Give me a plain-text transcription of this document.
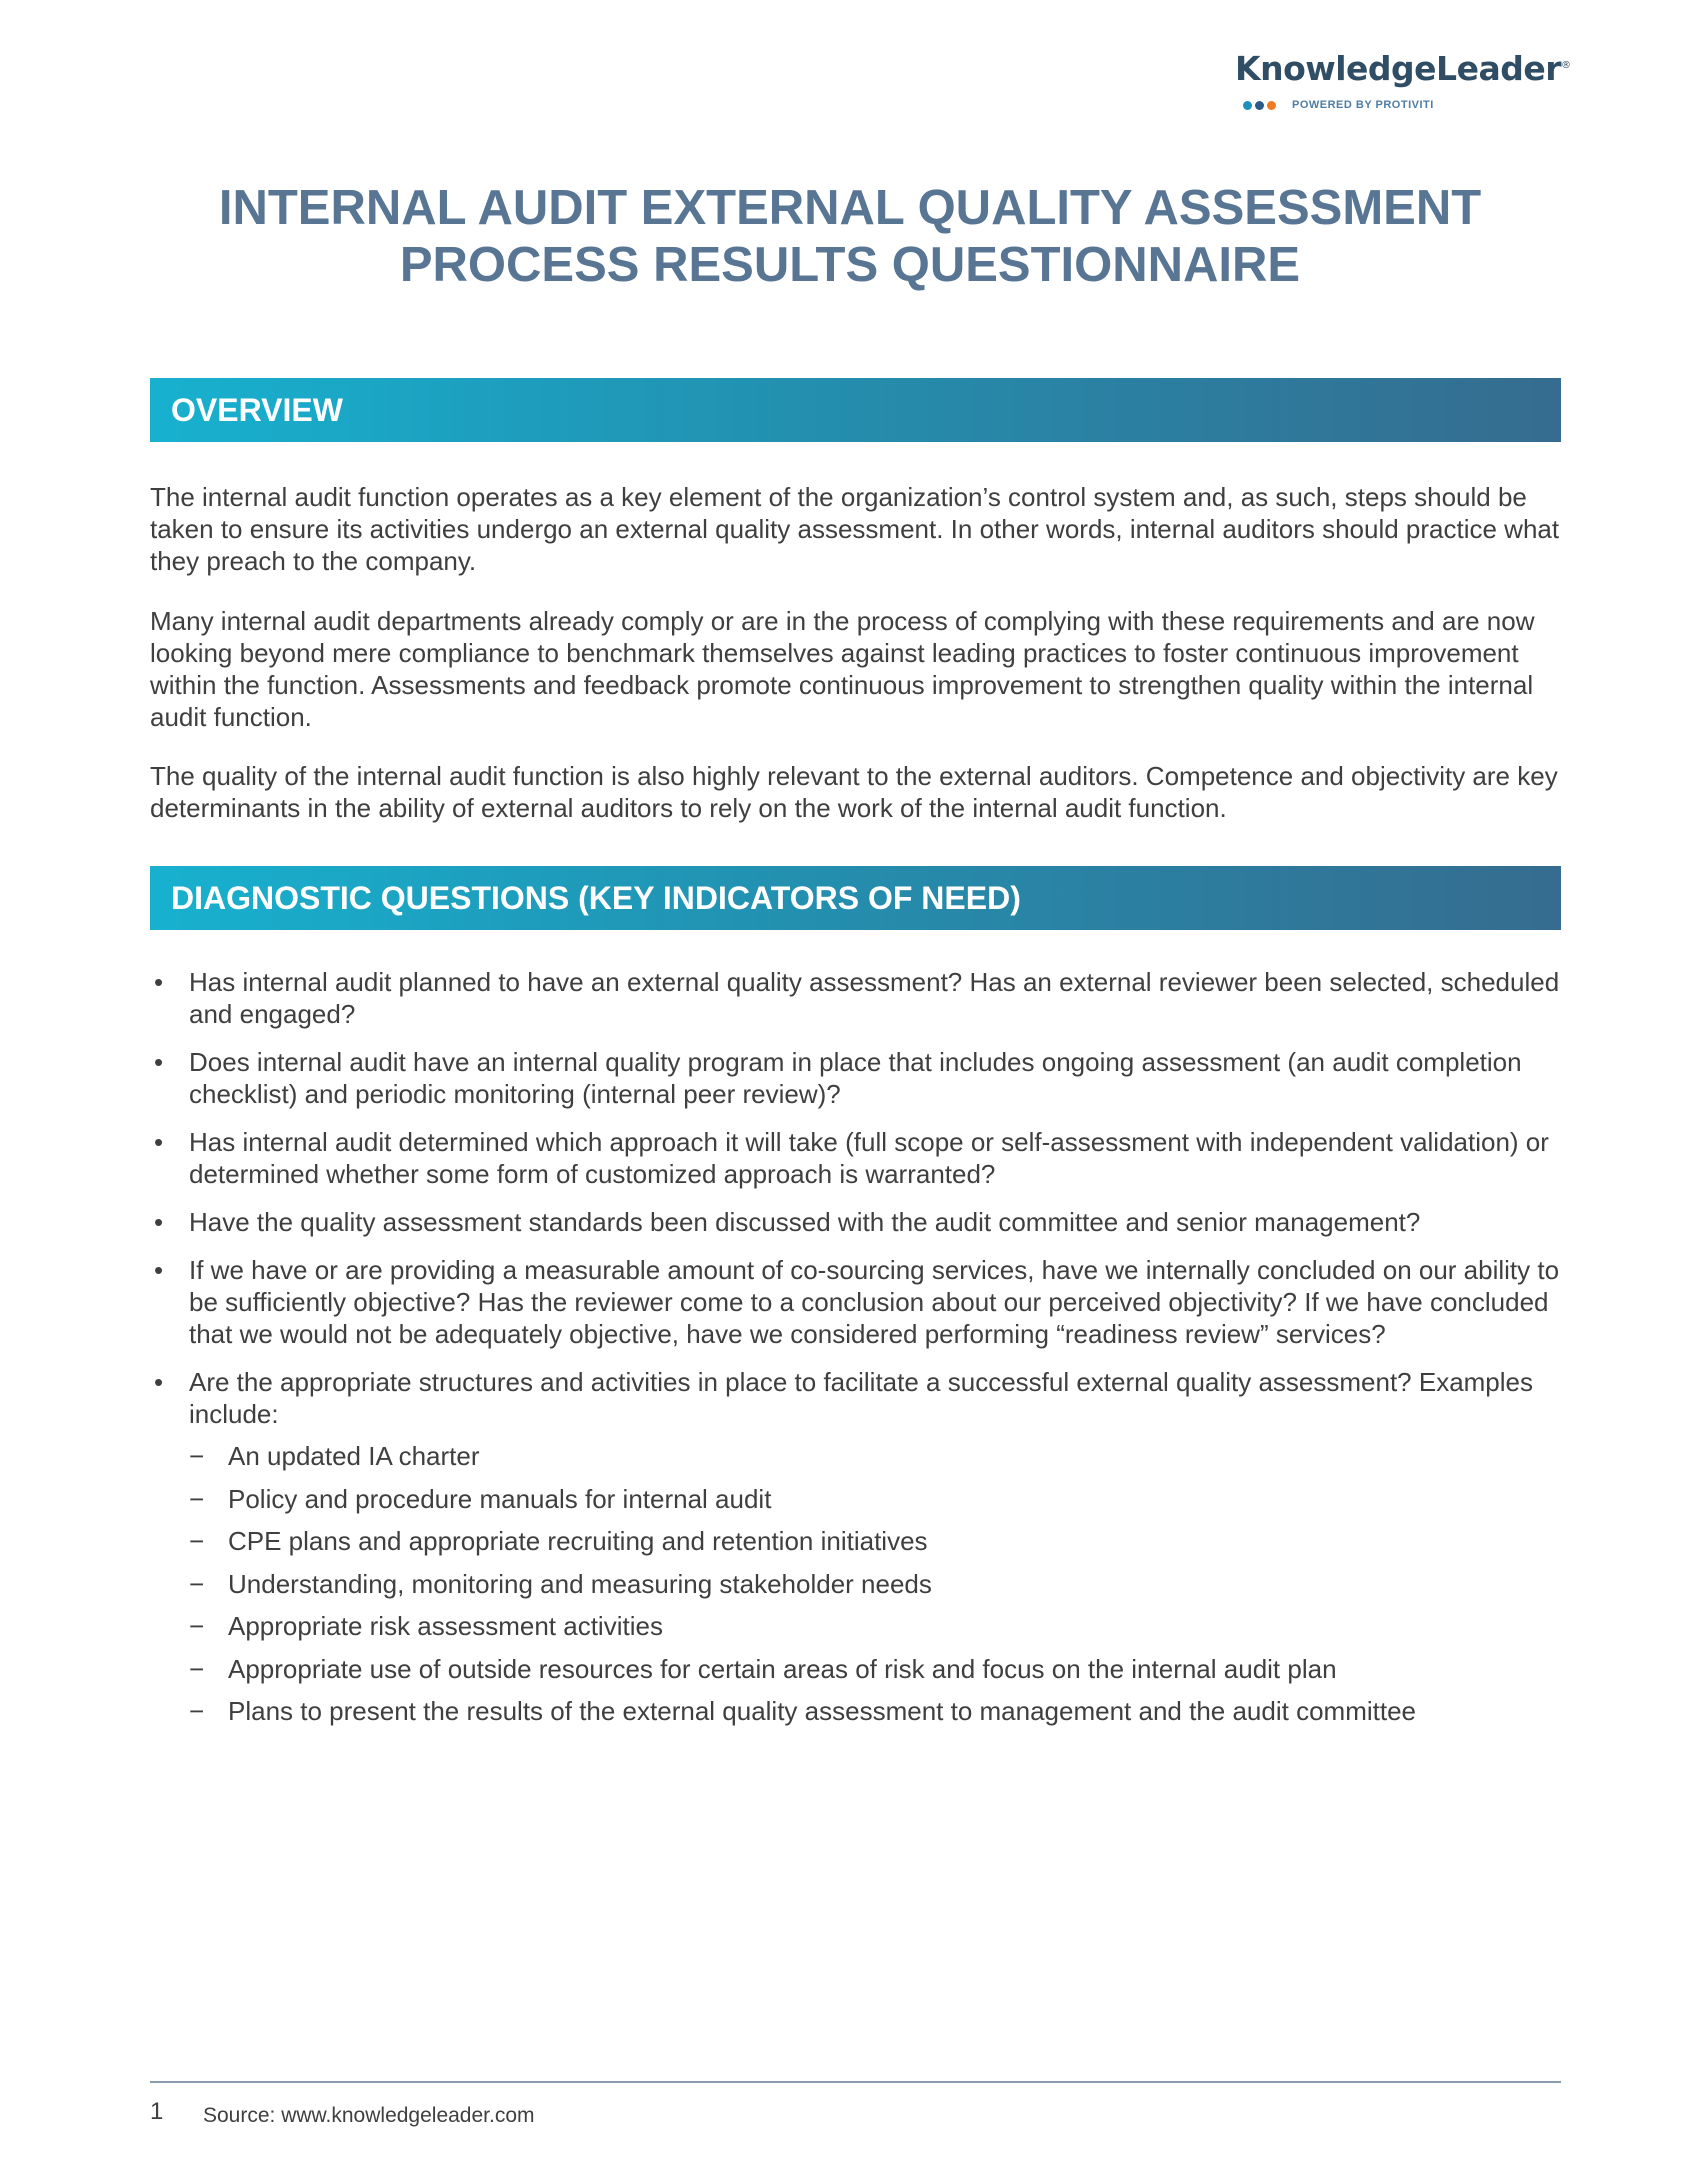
KnowledgeLeader®
POWERED BY PROTIVITI
INTERNAL AUDIT EXTERNAL QUALITY ASSESSMENT
PROCESS RESULTS QUESTIONNAIRE
OVERVIEW

The internal audit function operates as a key element of the organization’s control system and, as such, steps should be taken to ensure its activities undergo an external quality assessment. In other words, internal auditors should practice what they preach to the company.

Many internal audit departments already comply or are in the process of complying with these requirements and are now looking beyond mere compliance to benchmark themselves against leading practices to foster continuous improvement within the function. Assessments and feedback promote continuous improvement to strengthen quality within the internal audit function.

The quality of the internal audit function is also highly relevant to the external auditors. Competence and objectivity are key determinants in the ability of external auditors to rely on the work of the internal audit function.

DIAGNOSTIC QUESTIONS (KEY INDICATORS OF NEED)
• Has internal audit planned to have an external quality assessment? Has an external reviewer been selected, scheduled and engaged?
• Does internal audit have an internal quality program in place that includes ongoing assessment (an audit completion checklist) and periodic monitoring (internal peer review)?
• Has internal audit determined which approach it will take (full scope or self-assessment with independent validation) or determined whether some form of customized approach is warranted?
• Have the quality assessment standards been discussed with the audit committee and senior management?
• If we have or are providing a measurable amount of co-sourcing services, have we internally concluded on our ability to be sufficiently objective? Has the reviewer come to a conclusion about our perceived objectivity? If we have concluded that we would not be adequately objective, have we considered performing “readiness review” services?
• Are the appropriate structures and activities in place to facilitate a successful external quality assessment? Examples include:
− An updated IA charter
− Policy and procedure manuals for internal audit
− CPE plans and appropriate recruiting and retention initiatives
− Understanding, monitoring and measuring stakeholder needs
− Appropriate risk assessment activities
− Appropriate use of outside resources for certain areas of risk and focus on the internal audit plan
− Plans to present the results of the external quality assessment to management and the audit committee
1 Source: www.knowledgeleader.com
